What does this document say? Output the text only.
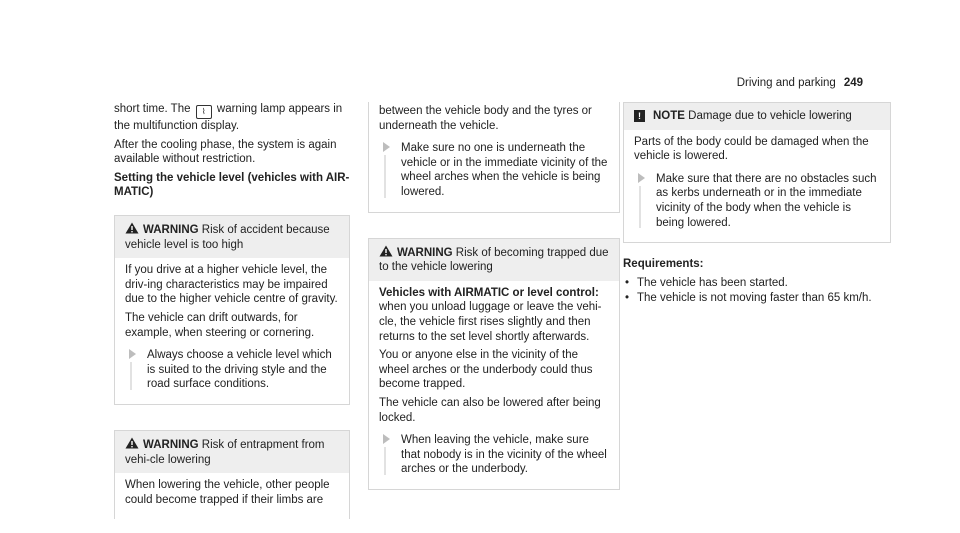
Driving and parking 249

short time. The ⌇ warning lamp appears in the multifunction display.

After the cooling phase, the system is again available without restriction.

Setting the vehicle level (vehicles with AIR-MATIC)

WARNING Risk of accident because vehicle level is too high

If you drive at a higher vehicle level, the driv-ing characteristics may be impaired due to the higher vehicle centre of gravity.

The vehicle can drift outwards, for example, when steering or cornering.

Always choose a vehicle level which is suited to the driving style and the road surface conditions.
WARNING Risk of entrapment from vehi-cle lowering

When lowering the vehicle, other people could become trapped if their limbs are

between the vehicle body and the tyres or underneath the vehicle.

Make sure no one is underneath the vehicle or in the immediate vicinity of the wheel arches when the vehicle is being lowered.
WARNING Risk of becoming trapped due to the vehicle lowering

Vehicles with AIRMATIC or level control:

when you unload luggage or leave the vehi-cle, the vehicle first rises slightly and then returns to the set level shortly afterwards.

You or anyone else in the vicinity of the wheel arches or the underbody could thus become trapped.

The vehicle can also be lowered after being locked.

When leaving the vehicle, make sure that nobody is in the vicinity of the wheel arches or the underbody.
! NOTE Damage due to vehicle lowering

Parts of the body could be damaged when the vehicle is lowered.

Make sure that there are no obstacles such as kerbs underneath or in the immediate vicinity of the body when the vehicle is being lowered.

Requirements:

• The vehicle has been started.
• The vehicle is not moving faster than 65 km/h.
